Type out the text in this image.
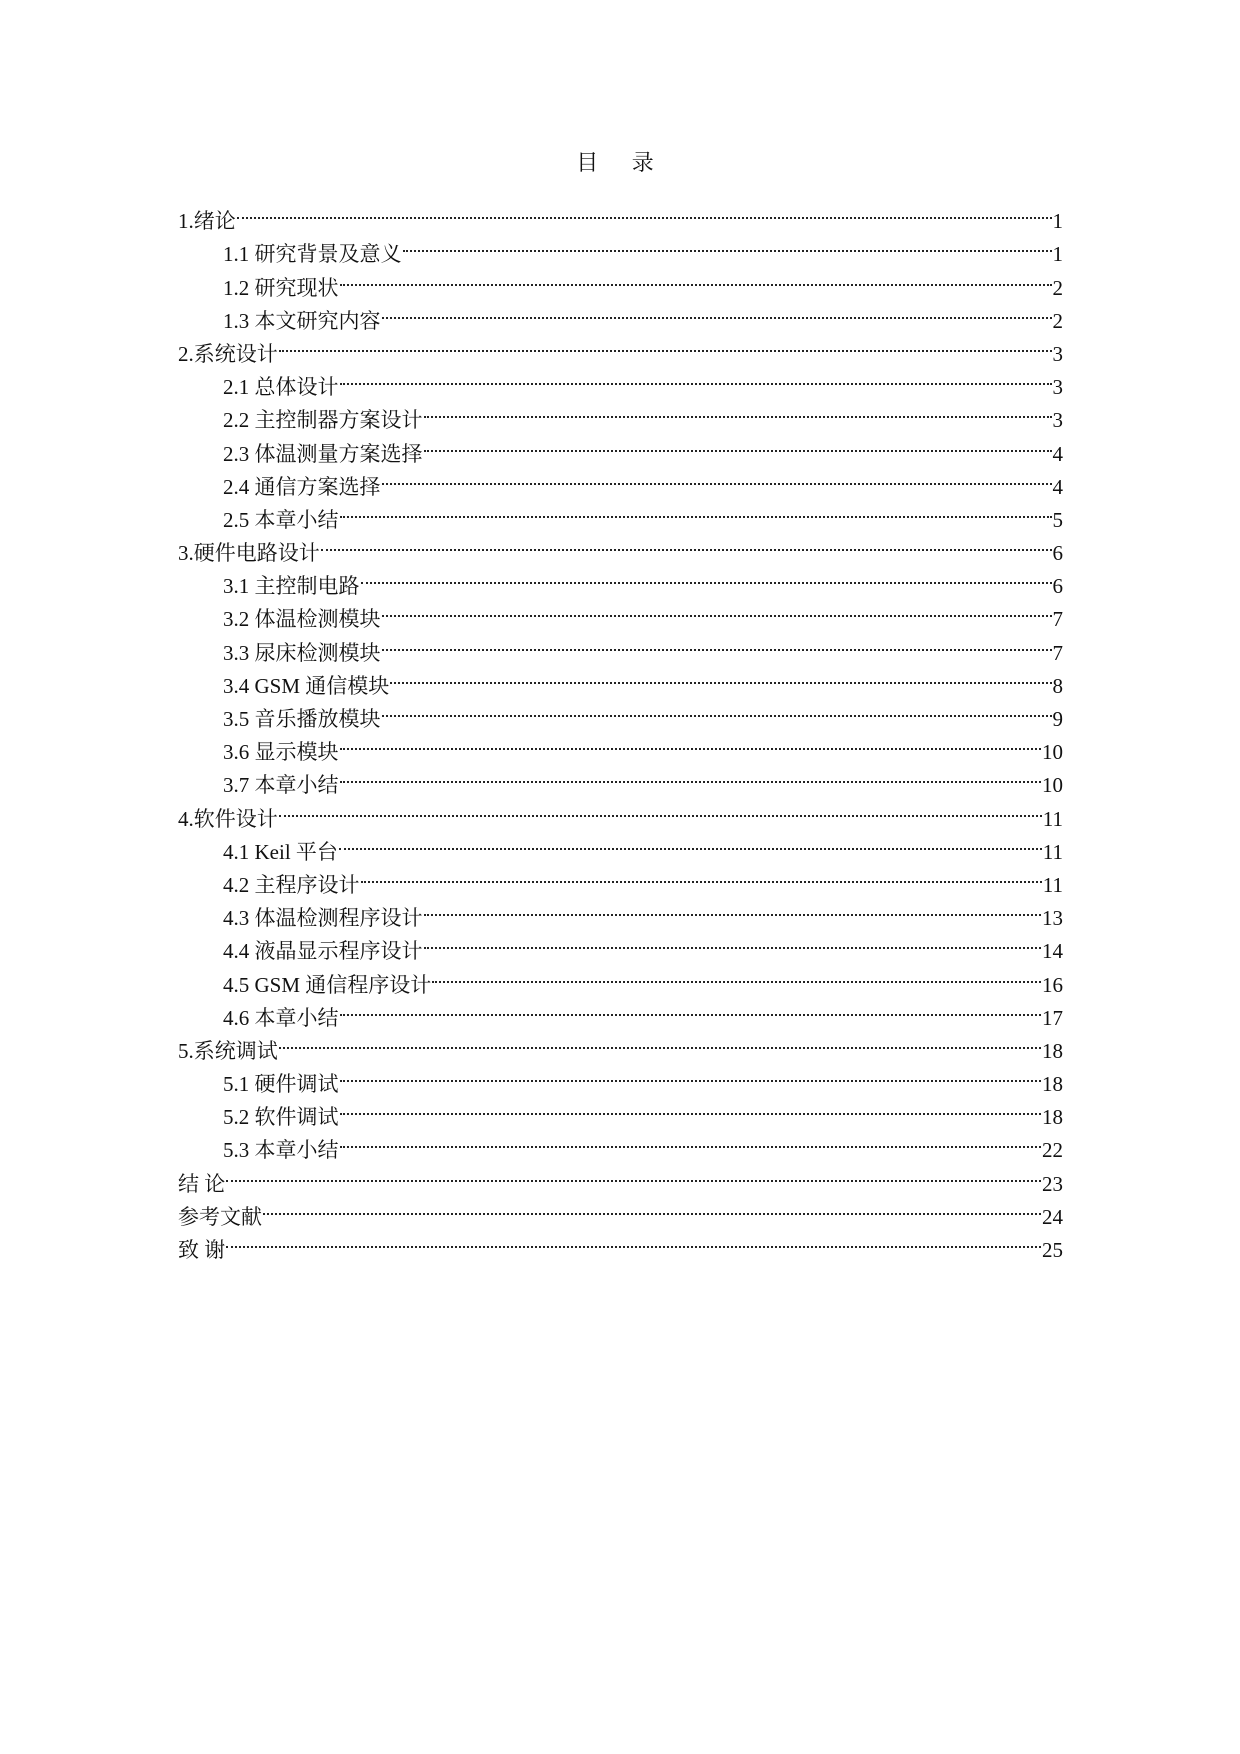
目 录
1.绪论	1
1.1 研究背景及意义	1
1.2 研究现状	2
1.3 本文研究内容	2
2.系统设计	3
2.1 总体设计	3
2.2 主控制器方案设计	3
2.3 体温测量方案选择	4
2.4 通信方案选择	4
2.5 本章小结	5
3.硬件电路设计	6
3.1 主控制电路	6
3.2 体温检测模块	7
3.3 尿床检测模块	7
3.4 GSM 通信模块	8
3.5 音乐播放模块	9
3.6 显示模块	10
3.7 本章小结	10
4.软件设计	11
4.1 Keil 平台	11
4.2 主程序设计	11
4.3 体温检测程序设计	13
4.4 液晶显示程序设计	14
4.5 GSM 通信程序设计	16
4.6 本章小结	17
5.系统调试	18
5.1 硬件调试	18
5.2 软件调试	18
5.3 本章小结	22
结 论	23
参考文献	24
致 谢	25
